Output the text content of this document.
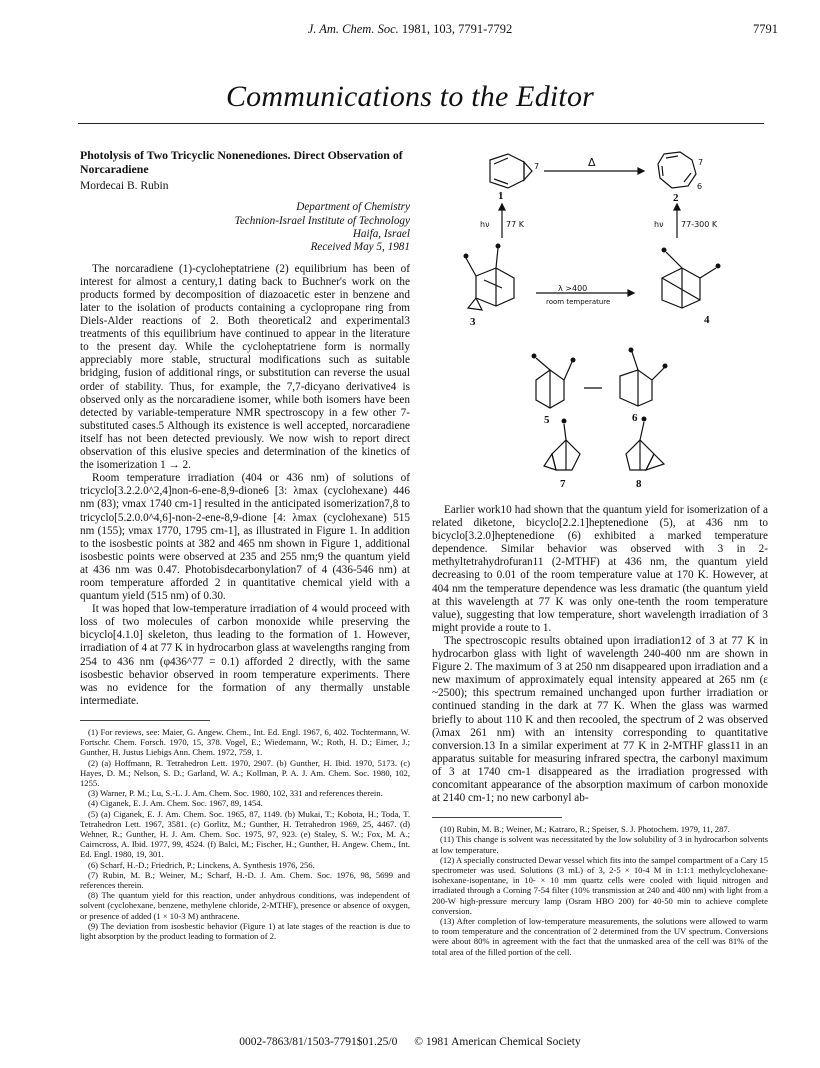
J. Am. Chem. Soc. 1981, 103, 7791-7792	7791
Communications to the Editor
Photolysis of Two Tricyclic Nonenediones. Direct Observation of Norcaradiene
Mordecai B. Rubin
Department of Chemistry
Technion-Israel Institute of Technology
Haifa, Israel
Received May 5, 1981

The norcaradiene (1)-cycloheptatriene (2) equilibrium has been of interest for almost a century,1 dating back to Buchner's work on the products formed by decomposition of diazoacetic ester in benzene and later to the isolation of products containing a cyclopropane ring from Diels-Alder reactions of 2. Both theoretical2 and experimental3 treatments of this equilibrium have continued to appear in the literature to the present day. While the cycloheptatriene form is normally appreciably more stable, structural modifications such as suitable bridging, fusion of additional rings, or substitution can reverse the usual order of stability. Thus, for example, the 7,7-dicyano derivative4 is observed only as the norcaradiene isomer, while both isomers have been detected by variable-temperature NMR spectroscopy in a few other 7-substituted cases.5 Although its existence is well accepted, norcaradiene itself has not been detected previously. We now wish to report direct observation of this elusive species and determination of the kinetics of the isomerization 1 → 2.

Room temperature irradiation (404 or 436 nm) of solutions of tricyclo[3.2.2.0^2,4]non-6-ene-8,9-dione6 [3: λmax (cyclohexane) 446 nm (83); νmax 1740 cm-1] resulted in the anticipated isomerization7,8 to tricyclo[5.2.0.0^4,6]-non-2-ene-8,9-dione [4: λmax (cyclohexane) 515 nm (155); νmax 1770, 1795 cm-1], as illustrated in Figure 1. In addition to the isosbestic points at 382 and 465 nm shown in Figure 1, additional isosbestic points were observed at 235 and 255 nm;9 the quantum yield at 436 nm was 0.47. Photobisdecarbonylation7 of 4 (436-546 nm) at room temperature afforded 2 in quantitative chemical yield with a quantum yield (515 nm) of 0.30.

It was hoped that low-temperature irradiation of 4 would proceed with loss of two molecules of carbon monoxide while preserving the bicyclo[4.1.0] skeleton, thus leading to the formation of 1. However, irradiation of 4 at 77 K in hydrocarbon glass at wavelengths ranging from 254 to 436 nm (φ436^77 = 0.1) afforded 2 directly, with the same isosbestic behavior observed in room temperature experiments. There was no evidence for the formation of any thermally unstable intermediate.

(1) For reviews, see: Maier, G. Angew. Chem., Int. Ed. Engl. 1967, 6, 402. Tochtermann, W. Fortschr. Chem. Forsch. 1970, 15, 378. Vogel, E.; Wiedemann, W.; Roth, H. D.; Eimer, J.; Gunther, H. Justus Liebigs Ann. Chem. 1972, 759, 1.
(2) (a) Hoffmann, R. Tetrahedron Lett. 1970, 2907. (b) Gunther, H. Ibid. 1970, 5173. (c) Hayes, D. M.; Nelson, S. D.; Garland, W. A.; Kollman, P. A. J. Am. Chem. Soc. 1980, 102, 1255.
(3) Warner, P. M.; Lu, S.-L. J. Am. Chem. Soc. 1980, 102, 331 and references therein.
(4) Ciganek, E. J. Am. Chem. Soc. 1967, 89, 1454.
(5) (a) Ciganek, E. J. Am. Chem. Soc. 1965, 87, 1149. (b) Mukai, T.; Kobota, H.; Toda, T. Tetrahedron Lett. 1967, 3581. (c) Gorlitz, M.; Gunther, H. Tetrahedron 1969, 25, 4467. (d) Wehner, R.; Gunther, H. J. Am. Chem. Soc. 1975, 97, 923. (e) Staley, S. W.; Fox, M. A.; Cairncross, A. Ibid. 1977, 99, 4524. (f) Balci, M.; Fischer, H.; Gunther, H. Angew. Chem., Int. Ed. Engl. 1980, 19, 301.
(6) Scharf, H.-D.; Friedrich, P.; Linckens, A. Synthesis 1976, 256.
(7) Rubin, M. B.; Weiner, M.; Scharf, H.-D. J. Am. Chem. Soc. 1976, 98, 5699 and references therein.
(8) The quantum yield for this reaction, under anhydrous conditions, was independent of solvent (cyclohexane, benzene, methylene chloride, 2-MTHF), presence or absence of oxygen, or presence of added (1 × 10-3 M) anthracene.
(9) The deviation from isosbestic behavior (Figure 1) at late stages of the reaction is due to light absorption by the product leading to formation of 2.
1	2
3	4
5	6
7	8
Δ
7	7
6
hν 77 K	hν 77-300 K
λ >400
room temperature

Earlier work10 had shown that the quantum yield for isomerization of a related diketone, bicyclo[2.2.1]heptenedione (5), at 436 nm to bicyclo[3.2.0]heptenedione (6) exhibited a marked temperature dependence. Similar behavior was observed with 3 in 2-methyltetrahydrofuran11 (2-MTHF) at 436 nm, the quantum yield decreasing to 0.01 of the room temperature value at 170 K. However, at 404 nm the temperature dependence was less dramatic (the quantum yield at this wavelength at 77 K was only one-tenth the room temperature value), suggesting that low temperature, short wavelength irradiation of 3 might provide a route to 1.

The spectroscopic results obtained upon irradiation12 of 3 at 77 K in hydrocarbon glass with light of wavelength 240-400 nm are shown in Figure 2. The maximum of 3 at 250 nm disappeared upon irradiation and a new maximum of approximately equal intensity appeared at 265 nm (ε ~2500); this spectrum remained unchanged upon further irradiation or continued standing in the dark at 77 K. When the glass was warmed briefly to about 110 K and then recooled, the spectrum of 2 was observed (λmax 261 nm) with an intensity corresponding to quantitative conversion.13 In a similar experiment at 77 K in 2-MTHF glass11 in an apparatus suitable for measuring infrared spectra, the carbonyl maximum of 3 at 1740 cm-1 disappeared as the irradiation progressed with concomitant appearance of the absorption maximum of carbon monoxide at 2140 cm-1; no new carbonyl ab-

(10) Rubin, M. B.; Weiner, M.; Katraro, R.; Speiser, S. J. Photochem. 1979, 11, 287.
(11) This change is solvent was necessitated by the low solubility of 3 in hydrocarbon solvents at low temperature.
(12) A specially constructed Dewar vessel which fits into the sampel compartment of a Cary 15 spectrometer was used. Solutions (3 mL) of 3, 2-5 × 10-4 M in 1:1:1 methylcyclohexane-isohexane-isopentane, in 10- × 10 mm quartz cells were cooled with liquid nitrogen and irradiated through a Corning 7-54 filter (10% transmission at 240 and 400 nm) with light from a 200-W high-pressure mercury lamp (Osram HBO 200) for 40-50 min to achieve complete conversion.
(13) After completion of low-temperature measurements, the solutions were allowed to warm to room temperature and the concentration of 2 determined from the UV spectrum. Conversions were about 80% in agreement with the fact that the unmasked area of the cell was 81% of the total area of the filled portion of the cell.
0002-7863/81/1503-7791$01.25/0 © 1981 American Chemical Society
